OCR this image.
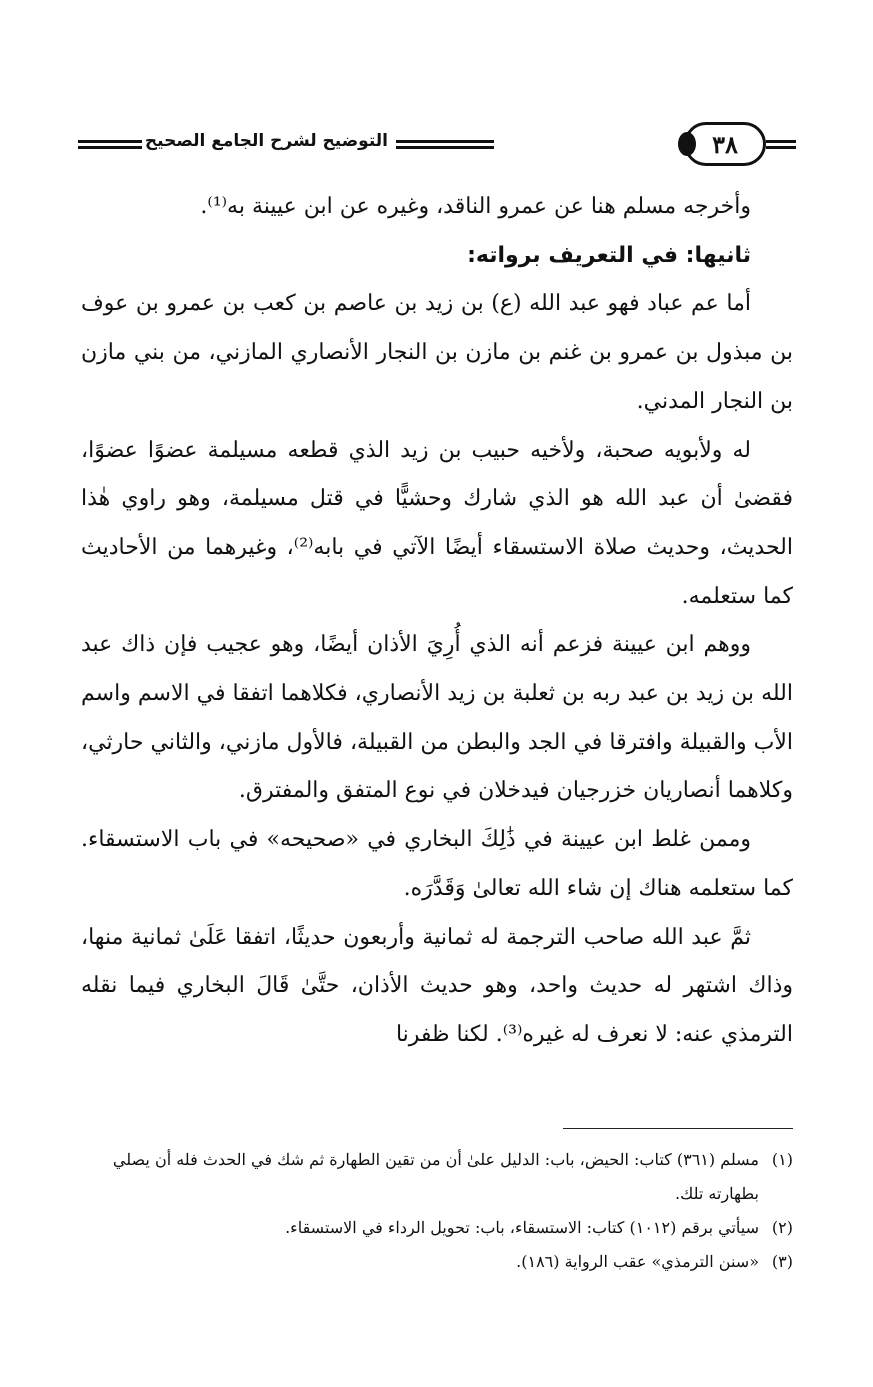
٣٨
التوضيح لشرح الجامع الصحيح

وأخرجه مسلم هنا عن عمرو الناقد، وغيره عن ابن عيينة به⁽¹⁾.

ثانيها: في التعريف برواته:

أما عم عباد فهو عبد الله (ع) بن زيد بن عاصم بن كعب بن عمرو بن عوف بن مبذول بن عمرو بن غنم بن مازن بن النجار الأنصاري المازني، من بني مازن بن النجار المدني.

له ولأبويه صحبة، ولأخيه حبيب بن زيد الذي قطعه مسيلمة عضوًا عضوًا، فقضىٰ أن عبد الله هو الذي شارك وحشيًّا في قتل مسيلمة، وهو راوي هٰذا الحديث، وحديث صلاة الاستسقاء أيضًا الآتي في بابه⁽²⁾، وغيرهما من الأحاديث كما ستعلمه.

ووهم ابن عيينة فزعم أنه الذي أُرِيَ الأذان أيضًا، وهو عجيب فإن ذاك عبد الله بن زيد بن عبد ربه بن ثعلبة بن زيد الأنصاري، فكلاهما اتفقا في الاسم واسم الأب والقبيلة وافترقا في الجد والبطن من القبيلة، فالأول مازني، والثاني حارثي، وكلاهما أنصاريان خزرجيان فيدخلان في نوع المتفق والمفترق.

وممن غلط ابن عيينة في ذَٰلِكَ البخاري في «صحيحه» في باب الاستسقاء. كما ستعلمه هناك إن شاء الله تعالىٰ وَقَدَّرَه.

ثمَّ عبد الله صاحب الترجمة له ثمانية وأربعون حديثًا، اتفقا عَلَىٰ ثمانية منها، وذاك اشتهر له حديث واحد، وهو حديث الأذان، حتَّىٰ قَالَ البخاري فيما نقله الترمذي عنه: لا نعرف له غيره⁽³⁾. لكنا ظفرنا

(١)
مسلم (٣٦١) كتاب: الحيض، باب: الدليل علىٰ أن من تقين الطهارة ثم شك في الحدث فله أن يصلي بطهارته تلك.
(٢)
سيأتي برقم (١٠١٢) كتاب: الاستسقاء، باب: تحويل الرداء في الاستسقاء.
(٣)
«سنن الترمذي» عقب الرواية (١٨٦).
